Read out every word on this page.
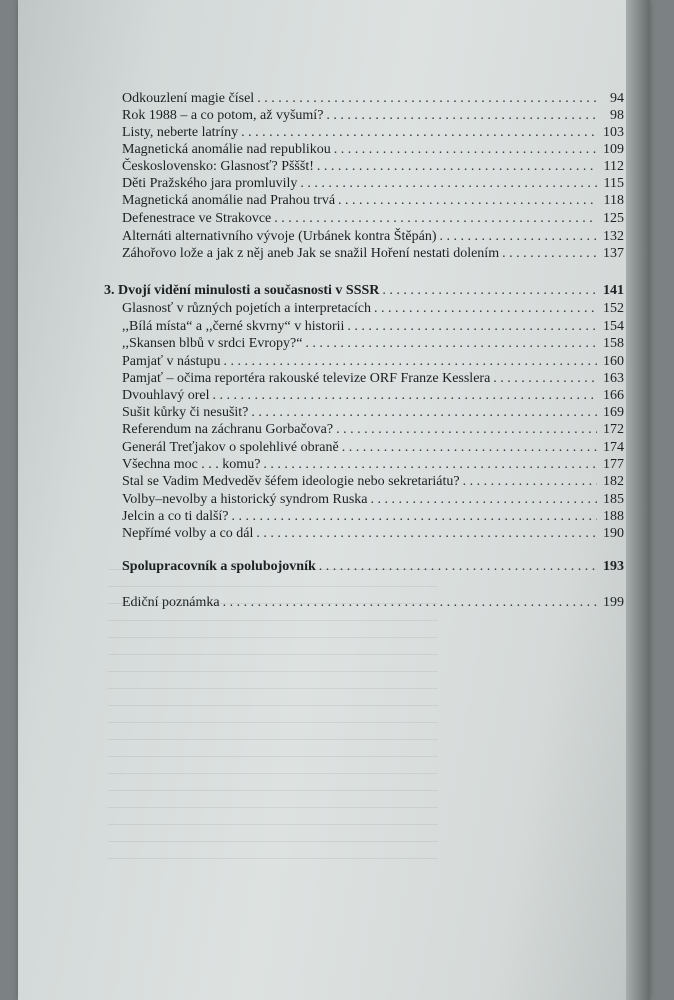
Odkouzlení magie čísel . . .	94
Rok 1988 – a co potom, až vyšumí? . . .	98
Listy, neberte latríny . . .	103
Magnetická anomálie nad republikou . . .	109
Československo: Glasnosť? Pšššt! . . .	112
Děti Pražského jara promluvily . . .	115
Magnetická anomálie nad Prahou trvá . . .	118
Defenestrace ve Strakovce . . .	125
Alternáti alternativního vývoje (Urbánek kontra Štěpán) . . .	132
Záhořovo lože a jak z něj aneb Jak se snažil Hoření nestati dolením . . .	137
3. Dvojí vidění minulosti a současnosti v SSSR . . .	141
Glasnosť v různých pojetích a interpretacích . . .	152
,,Bílá místa“ a ,,černé skvrny“ v historii . . .	154
,,Skansen blbů v srdci Evropy?“ . . .	158
Pamjať v nástupu . . .	160
Pamjať – očima reportéra rakouské televize ORF Franze Kesslera . . .	163
Dvouhlavý orel . . .	166
Sušit kůrky či nesušit? . . .	169
Referendum na záchranu Gorbačova? . . .	172
Generál Treťjakov o spolehlivé obraně . . .	174
Všechna moc . . . komu? . . .	177
Stal se Vadim Medveděv šéfem ideologie nebo sekretariátu? . . .	182
Volby–nevolby a historický syndrom Ruska . . .	185
Jelcin a co ti další? . . .	188
Nepřímé volby a co dál . . .	190
Spolupracovník a spolubojovník . . .	193
Ediční poznámka . . .	199
